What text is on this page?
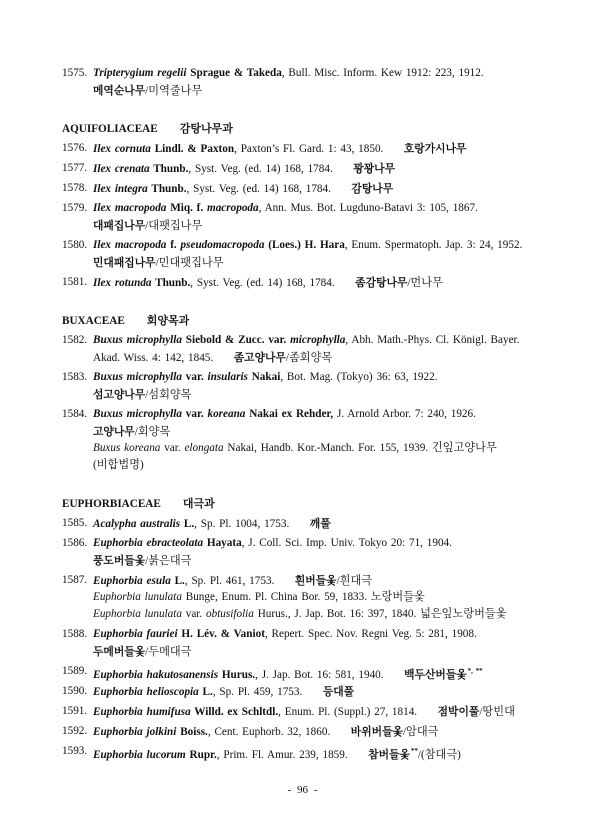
1575. Tripterygium regelii Sprague & Takeda, Bull. Misc. Inform. Kew 1912: 223, 1912.
메역순나무/미역줄나무
AQUIFOLIACEAE 감탕나무과
1576. Ilex cornuta Lindl. & Paxton, Paxton’s Fl. Gard. 1: 43, 1850. 호랑가시나무
1577. Ilex crenata Thunb., Syst. Veg. (ed. 14) 168, 1784. 꽝꽝나무
1578. Ilex integra Thunb., Syst. Veg. (ed. 14) 168, 1784. 감탕나무
1579. Ilex macropoda Miq. f. macropoda, Ann. Mus. Bot. Lugduno-Batavi 3: 105, 1867.
대패집나무/대팻집나무
1580. Ilex macropoda f. pseudomacropoda (Loes.) H. Hara, Enum. Spermatoph. Jap. 3: 24, 1952.
민대패집나무/민대팻집나무
1581. Ilex rotunda Thunb., Syst. Veg. (ed. 14) 168, 1784. 좀감탕나무/먼나무
BUXACEAE 회양목과
1582. Buxus microphylla Siebold & Zucc. var. microphylla, Abh. Math.-Phys. Cl. Königl. Bayer.
Akad. Wiss. 4: 142, 1845. 좀고양나무/좀회양목
1583. Buxus microphylla var. insularis Nakai, Bot. Mag. (Tokyo) 36: 63, 1922.
섬고양나무/섬회양목
1584. Buxus microphylla var. koreana Nakai ex Rehder, J. Arnold Arbor. 7: 240, 1926.
고양나무/회양목
Buxus koreana var. elongata Nakai, Handb. Kor.-Manch. For. 155, 1939. 긴잎고양나무
(비합법명)
EUPHORBIACEAE 대극과
1585. Acalypha australis L., Sp. Pl. 1004, 1753. 깨풀
1586. Euphorbia ebracteolata Hayata, J. Coll. Sci. Imp. Univ. Tokyo 20: 71, 1904.
풍도버들옻/붉은대극
1587. Euphorbia esula L., Sp. Pl. 461, 1753. 흰버들옻/흰대극
Euphorbia lunulata Bunge, Enum. Pl. China Bor. 59, 1833. 노랑버들옻
Euphorbia lunulata var. obtusifolia Hurus., J. Jap. Bot. 16: 397, 1840. 넓은잎노랑버들옻
1588. Euphorbia fauriei H. Lév. & Vaniot, Repert. Spec. Nov. Regni Veg. 5: 281, 1908.
두메버들옻/두메대극
1589. Euphorbia hakutosanensis Hurus., J. Jap. Bot. 16: 581, 1940. 백두산버들옻*, **
1590. Euphorbia helioscopia L., Sp. Pl. 459, 1753. 등대풀
1591. Euphorbia humifusa Willd. ex Schltdl., Enum. Pl. (Suppl.) 27, 1814. 점박이풀/땅빈대
1592. Euphorbia jolkini Boiss., Cent. Euphorb. 32, 1860. 바위버들옻/암대극
1593. Euphorbia lucorum Rupr., Prim. Fl. Amur. 239, 1859. 참버들옻**/(참대극)
- 96 -
